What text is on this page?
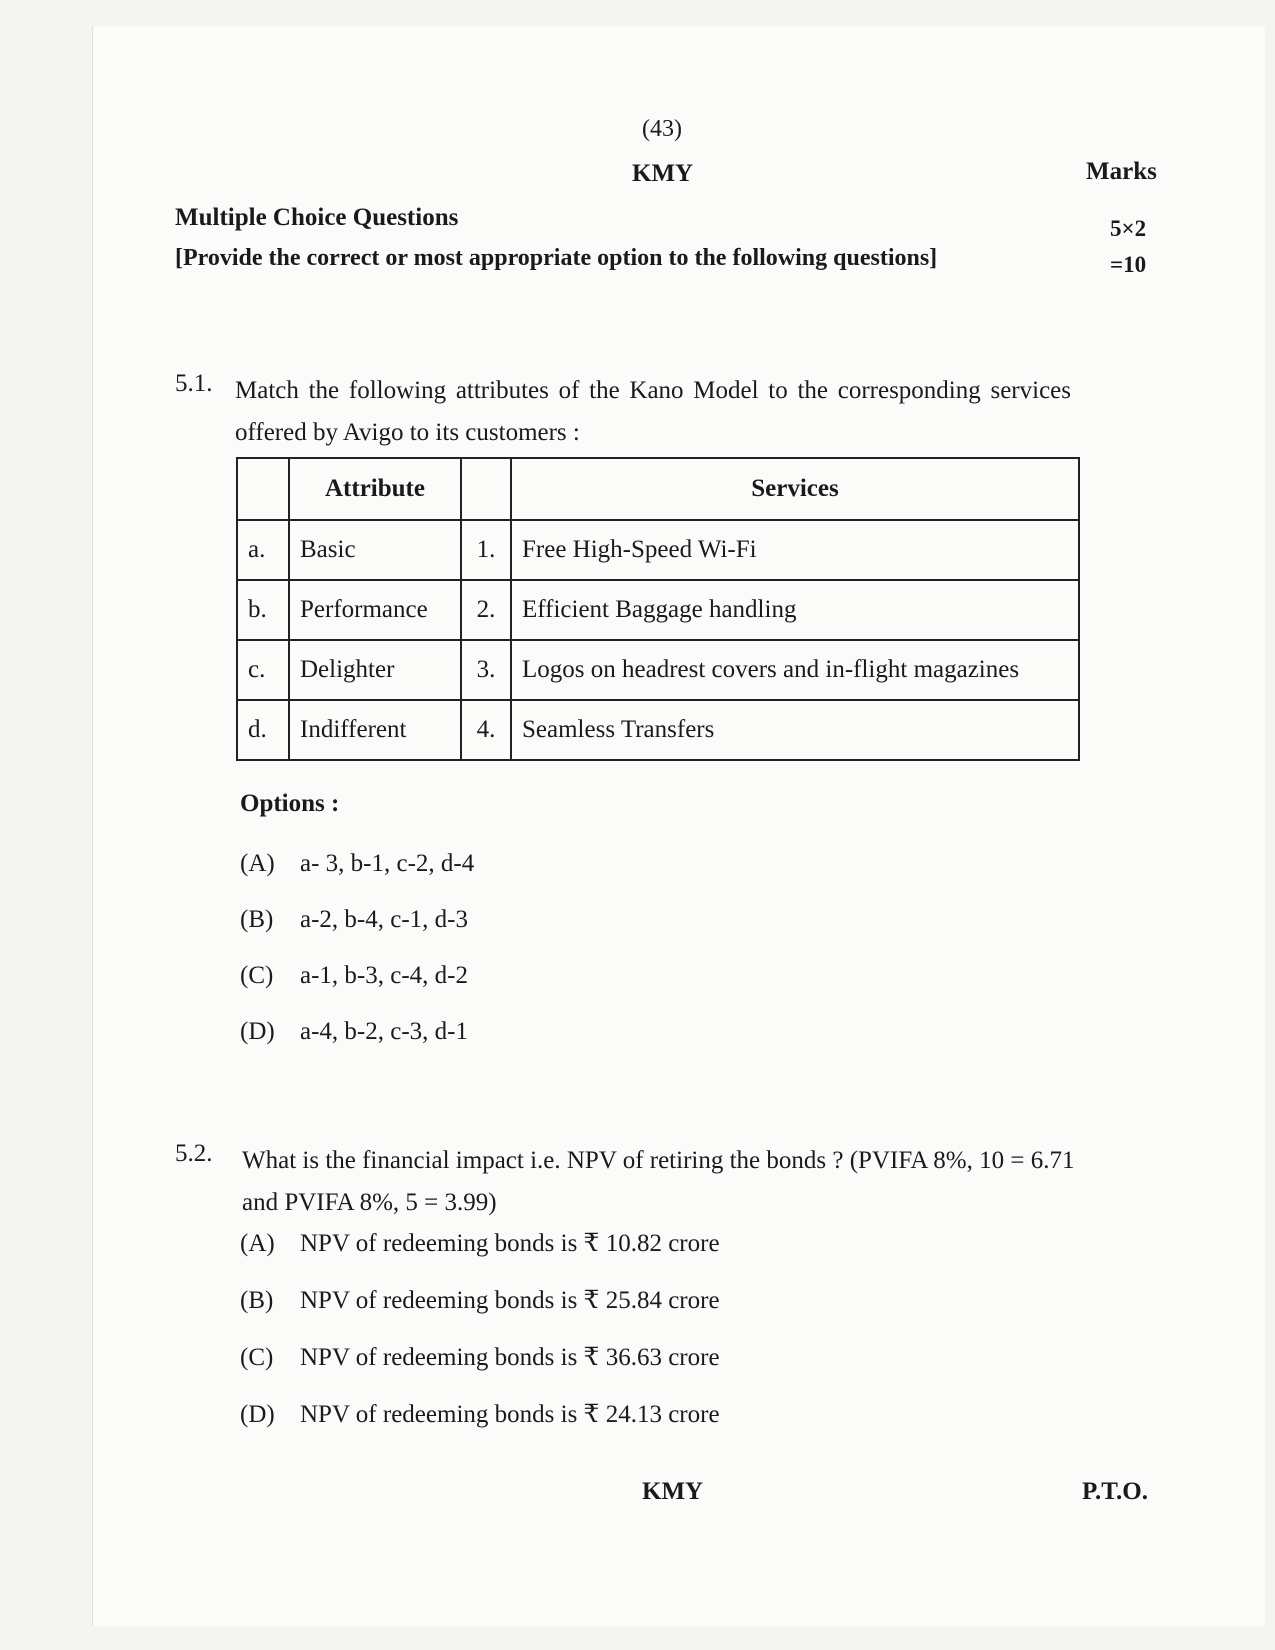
(43)
KMY	Marks
Multiple Choice Questions	5×2
[Provide the correct or most appropriate option to the following questions]	=10
5.1. Match the following attributes of the Kano Model to the corresponding services offered by Avigo to its customers :
	Attribute		Services
a.	Basic	1.	Free High-Speed Wi-Fi
b.	Performance	2.	Efficient Baggage handling
c.	Delighter	3.	Logos on headrest covers and in-flight magazines
d.	Indifferent	4.	Seamless Transfers
Options :
(A) a- 3, b-1, c-2, d-4
(B) a-2, b-4, c-1, d-3
(C) a-1, b-3, c-4, d-2
(D) a-4, b-2, c-3, d-1
5.2. What is the financial impact i.e. NPV of retiring the bonds ? (PVIFA 8%, 10 = 6.71 and PVIFA 8%, 5 = 3.99)
(A) NPV of redeeming bonds is ₹ 10.82 crore
(B) NPV of redeeming bonds is ₹ 25.84 crore
(C) NPV of redeeming bonds is ₹ 36.63 crore
(D) NPV of redeeming bonds is ₹ 24.13 crore
KMY	P.T.O.
